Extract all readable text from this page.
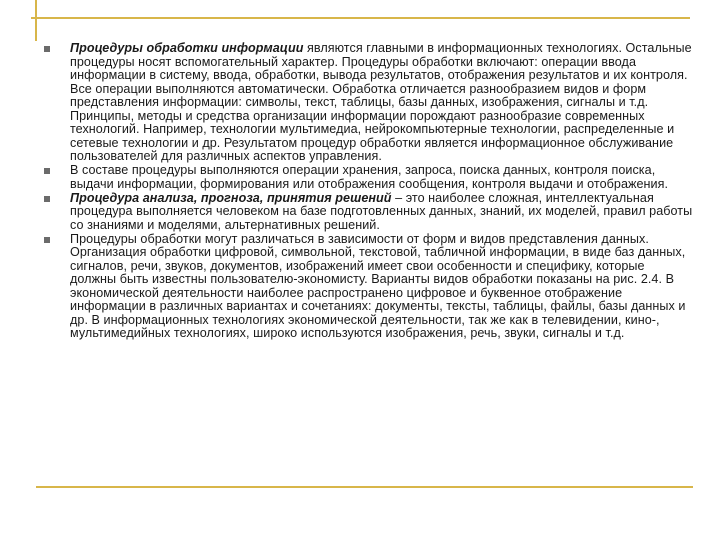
Процедуры обработки информации являются главными в информационных технологиях. Остальные процедуры носят вспомогательный характер. Процедуры обработки включают: операции ввода информации в систему, ввода, обработки, вывода результатов, отображения результатов и их контроля. Все операции выполняются автоматически. Обработка отличается разнообразием видов и форм представления информации: символы, текст, таблицы, базы данных, изображения, сигналы и т.д. Принципы, методы и средства организации информации порождают разнообразие современных технологий. Например, технологии мультимедиа, нейрокомпьютерные технологии, распределенные и сетевые технологии и др. Результатом процедур обработки является информационное обслуживание пользователей для различных аспектов управления.

В составе процедуры выполняются операции хранения, запроса, поиска данных, контроля поиска, выдачи информации, формирования или отображения сообщения, контроля выдачи и отображения.

Процедура анализа, прогноза, принятия решений – это наиболее сложная, интеллектуальная процедура выполняется человеком на базе подготовленных данных, знаний, их моделей, правил работы со знаниями и моделями, альтернативных решений.

Процедуры обработки могут различаться в зависимости от форм и видов представления данных. Организация обработки цифровой, символьной, текстовой, табличной информации, в виде баз данных, сигналов, речи, звуков, документов, изображений имеет свои особенности и специфику, которые должны быть известны пользователю-экономисту. Варианты видов обработки показаны на рис. 2.4. В экономической деятельности наиболее распространено цифровое и буквенное отображение информации в различных вариантах и сочетаниях: документы, тексты, таблицы, файлы, базы данных и др. В информационных технологиях экономической деятельности, так же как в телевидении, кино-, мультимедийных технологиях, широко используются изображения, речь, звуки, сигналы и т.д.
